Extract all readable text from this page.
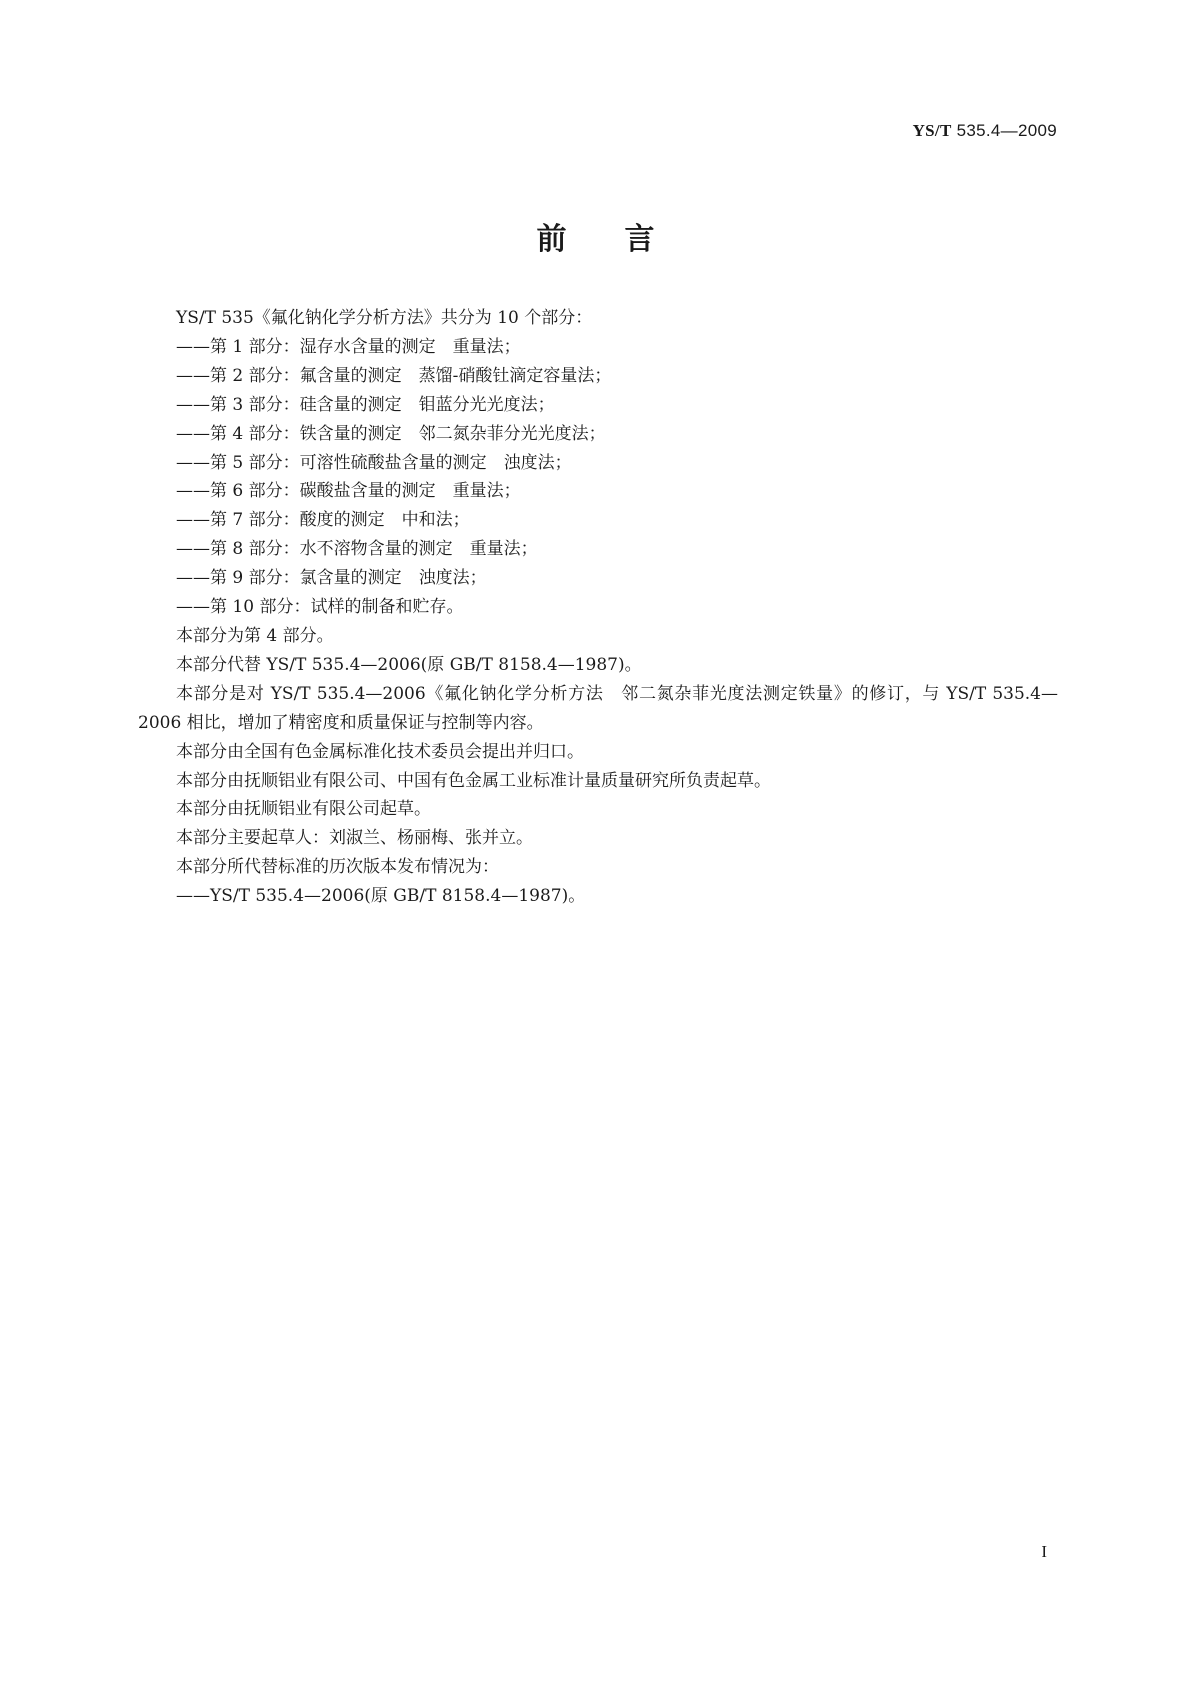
YS/T 535.4—2009
前言

YS/T 535《氟化钠化学分析方法》共分为 10 个部分：

——第 1 部分：湿存水含量的测定　重量法；

——第 2 部分：氟含量的测定　蒸馏-硝酸钍滴定容量法；

——第 3 部分：硅含量的测定　钼蓝分光光度法；

——第 4 部分：铁含量的测定　邻二氮杂菲分光光度法；

——第 5 部分：可溶性硫酸盐含量的测定　浊度法；

——第 6 部分：碳酸盐含量的测定　重量法；

——第 7 部分：酸度的测定　中和法；

——第 8 部分：水不溶物含量的测定　重量法；

——第 9 部分：氯含量的测定　浊度法；

——第 10 部分：试样的制备和贮存。

本部分为第 4 部分。

本部分代替 YS/T 535.4—2006(原 GB/T 8158.4—1987)。

本部分是对 YS/T 535.4—2006《氟化钠化学分析方法　邻二氮杂菲光度法测定铁量》的修订，与 YS/T 535.4—2006 相比，增加了精密度和质量保证与控制等内容。

本部分由全国有色金属标准化技术委员会提出并归口。

本部分由抚顺铝业有限公司、中国有色金属工业标准计量质量研究所负责起草。

本部分由抚顺铝业有限公司起草。

本部分主要起草人：刘淑兰、杨丽梅、张并立。

本部分所代替标准的历次版本发布情况为：

——YS/T 535.4—2006(原 GB/T 8158.4—1987)。

I
